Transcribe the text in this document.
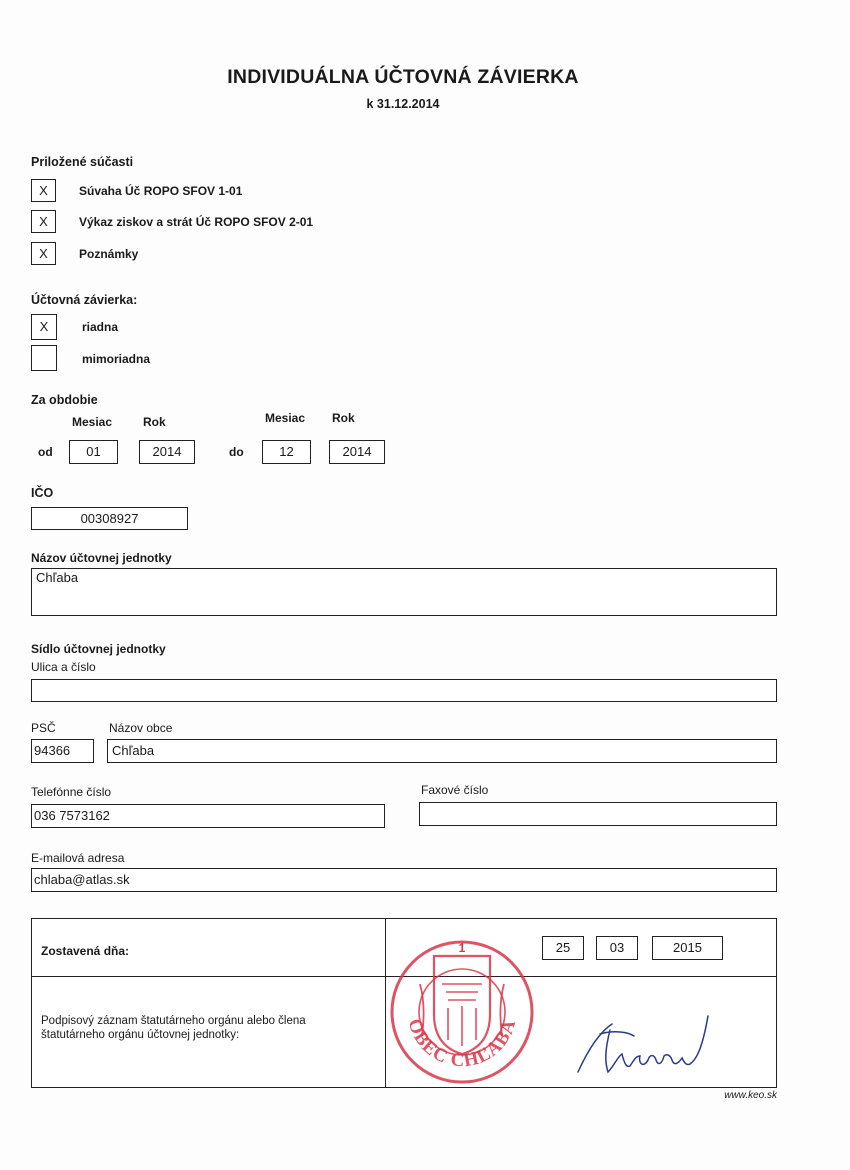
INDIVIDUÁLNA ÚČTOVNÁ ZÁVIERKA
k 31.12.2014
Priložené súčasti
X	Súvaha Úč ROPO SFOV 1-01
X	Výkaz ziskov a strát Úč ROPO SFOV 2-01
X	Poznámky
Účtovná závierka:
X	riadna
mimoriadna
Za obdobie
Mesiac	Rok	Mesiac Rok
od	01	2014	do	12	2014
IČO
00308927
Názov účtovnej jednotky
Chľaba
Sídlo účtovnej jednotky
Ulica a číslo
PSČ
94366
Názov obce
Chľaba
Telefónne číslo
036 7573162
Faxové číslo
E-mailová adresa
chlaba@atlas.sk
Zostavená dňa:	25	03	2015
Podpisový záznam štatutárneho orgánu alebo člena
štatutárneho orgánu účtovnej jednotky:
1
OBEC CHĽABA
www.keo.sk
